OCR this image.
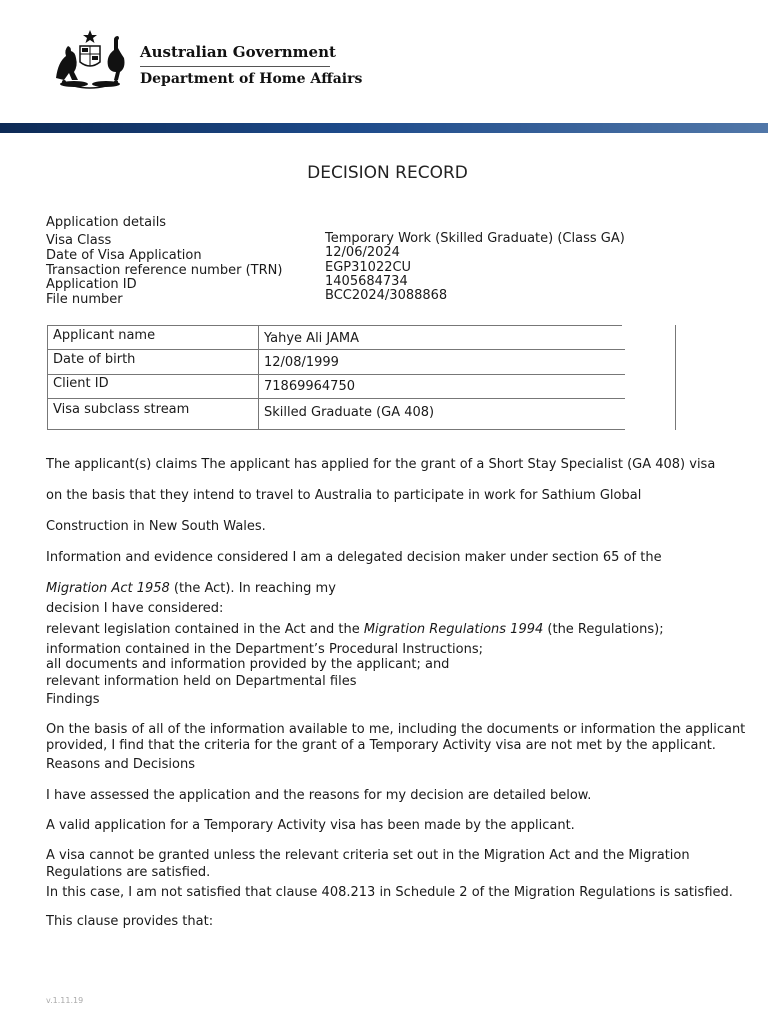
Australian Government
Department of Home Affairs
DECISION RECORD
Application details
Visa Class	Temporary Work (Skilled Graduate) (Class GA)
Date of Visa Application	12/06/2024
Transaction reference number (TRN)	EGP31022CU
Application ID	1405684734
File number	BCC2024/3088868
Applicant name	Yahye Ali JAMA
Date of birth	12/08/1999
Client ID	71869964750
Visa subclass stream	Skilled Graduate (GA 408)
The applicant(s) claims The applicant has applied for the grant of a Short Stay Specialist (GA 408) visa
on the basis that they intend to travel to Australia to participate in work for Sathium Global
Construction in New South Wales.
Information and evidence considered I am a delegated decision maker under section 65 of the
Migration Act 1958 (the Act). In reaching my
decision I have considered:
relevant legislation contained in the Act and the Migration Regulations 1994 (the Regulations);
information contained in the Department’s Procedural Instructions;
all documents and information provided by the applicant; and
relevant information held on Departmental files
Findings
On the basis of all of the information available to me, including the documents or information the applicant
provided, I find that the criteria for the grant of a Temporary Activity visa are not met by the applicant.
Reasons and Decisions
I have assessed the application and the reasons for my decision are detailed below.
A valid application for a Temporary Activity visa has been made by the applicant.
A visa cannot be granted unless the relevant criteria set out in the Migration Act and the Migration
Regulations are satisfied.
In this case, I am not satisfied that clause 408.213 in Schedule 2 of the Migration Regulations is satisfied.
This clause provides that:
v.1.11.19
